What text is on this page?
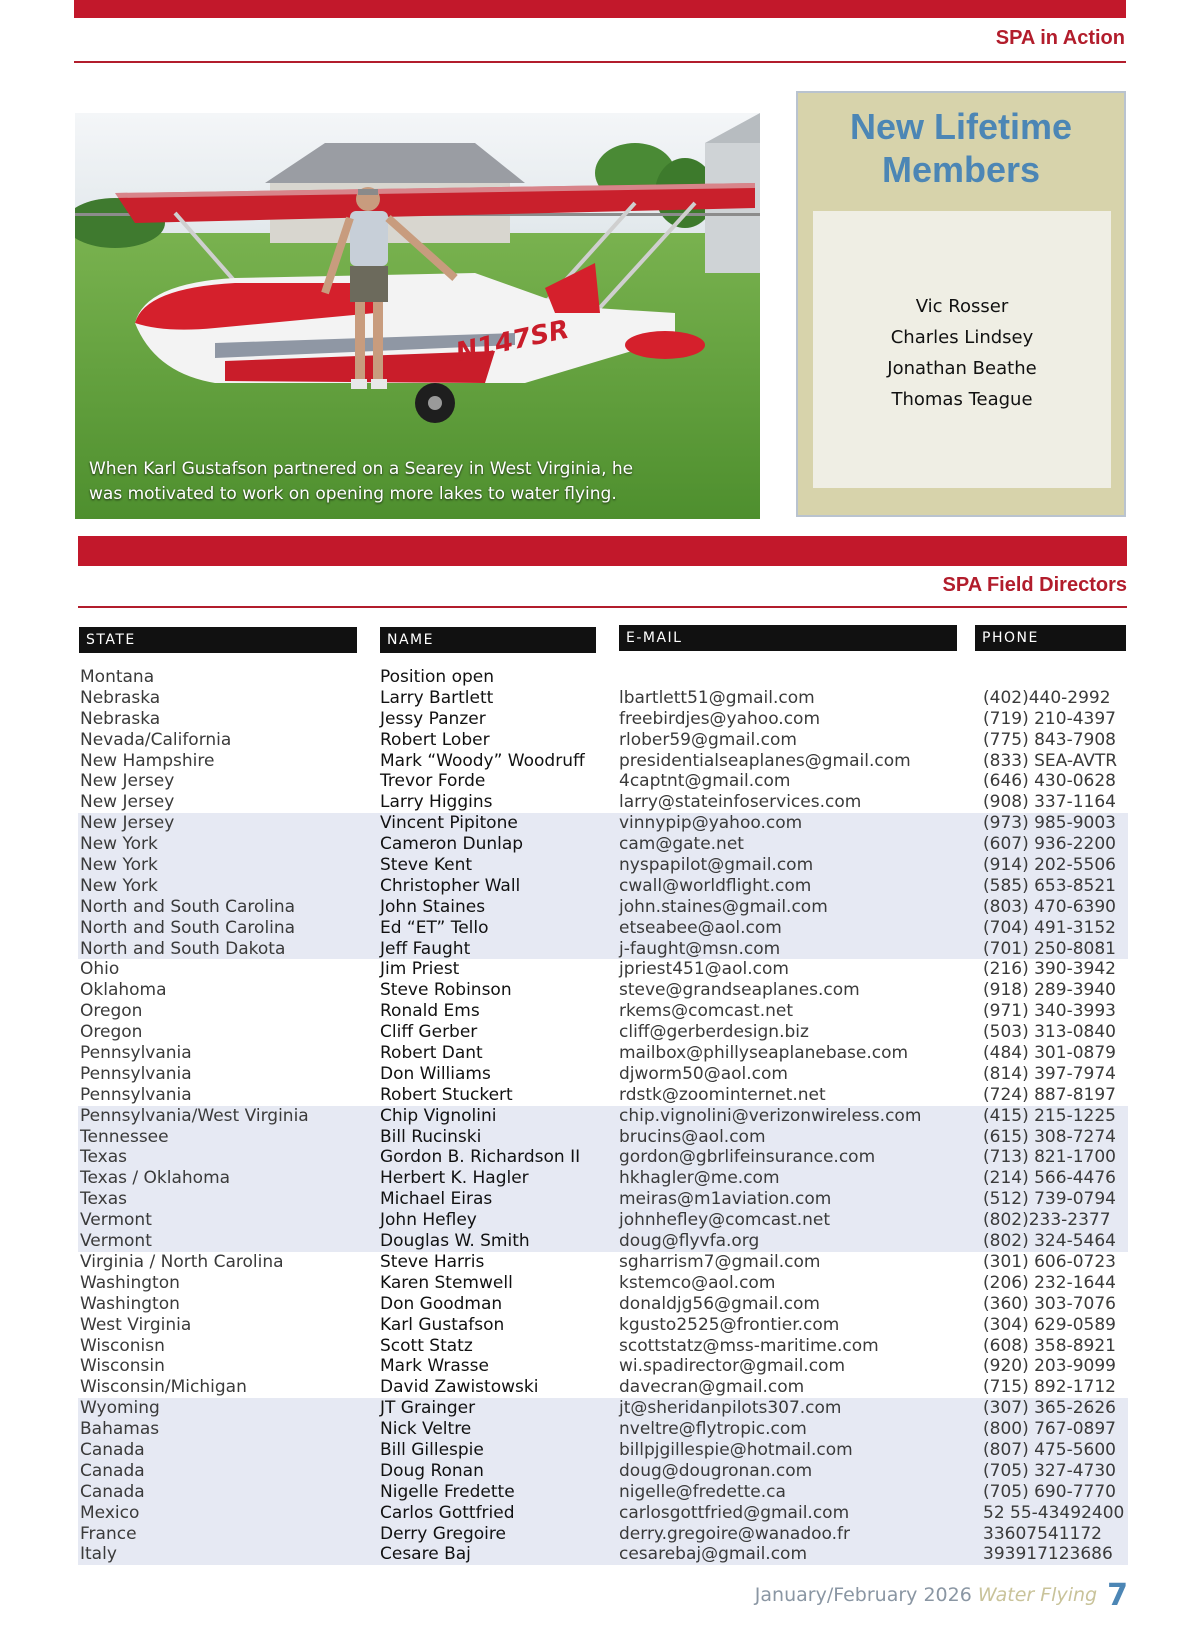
SPA in Action
N147SR
When Karl Gustafson partnered on a Searey in West Virginia, he was motivated to work on opening more lakes to water flying.
New Lifetime Members
Vic Rosser
Charles Lindsey
Jonathan Beathe
Thomas Teague
SPA Field Directors
STATE	NAME	E-MAIL	PHONE
Montana	Position open
Nebraska	Larry Bartlett	lbartlett51@gmail.com	(402)440-2992
Nebraska	Jessy Panzer	freebirdjes@yahoo.com	(719) 210-4397
Nevada/California	Robert Lober	rlober59@gmail.com	(775) 843-7908
New Hampshire	Mark “Woody” Woodruff presidentialseaplanes@gmail.com	(833) SEA-AVTR
New Jersey	Trevor Forde	4captnt@gmail.com	(646) 430-0628
New Jersey	Larry Higgins	larry@stateinfoservices.com	(908) 337-1164
New Jersey	Vincent Pipitone	vinnypip@yahoo.com	(973) 985-9003
New York	Cameron Dunlap	cam@gate.net	(607) 936-2200
New York	Steve Kent	nyspapilot@gmail.com	(914) 202-5506
New York	Christopher Wall	cwall@worldflight.com	(585) 653-8521
North and South Carolina	John Staines	john.staines@gmail.com	(803) 470-6390
North and South Carolina	Ed “ET” Tello	etseabee@aol.com	(704) 491-3152
North and South Dakota	Jeff Faught	j-faught@msn.com	(701) 250-8081
Ohio	Jim Priest	jpriest451@aol.com	(216) 390-3942
Oklahoma	Steve Robinson	steve@grandseaplanes.com	(918) 289-3940
Oregon	Ronald Ems	rkems@comcast.net	(971) 340-3993
Oregon	Cliff Gerber	cliff@gerberdesign.biz	(503) 313-0840
Pennsylvania	Robert Dant	mailbox@phillyseaplanebase.com	(484) 301-0879
Pennsylvania	Don Williams	djworm50@aol.com	(814) 397-7974
Pennsylvania	Robert Stuckert	rdstk@zoominternet.net	(724) 887-8197
Pennsylvania/West Virginia	Chip Vignolini	chip.vignolini@verizonwireless.com	(415) 215-1225
Tennessee	Bill Rucinski	brucins@aol.com	(615) 308-7274
Texas	Gordon B. Richardson II gordon@gbrlifeinsurance.com	(713) 821-1700
Texas / Oklahoma	Herbert K. Hagler	hkhagler@me.com	(214) 566-4476
Texas	Michael Eiras	meiras@m1aviation.com	(512) 739-0794
Vermont	John Hefley	johnhefley@comcast.net	(802)233-2377
Vermont	Douglas W. Smith	doug@flyvfa.org	(802) 324-5464
Virginia / North Carolina	Steve Harris	sgharrism7@gmail.com	(301) 606-0723
Washington	Karen Stemwell	kstemco@aol.com	(206) 232-1644
Washington	Don Goodman	donaldjg56@gmail.com	(360) 303-7076
West Virginia	Karl Gustafson	kgusto2525@frontier.com	(304) 629-0589
Wisconisn	Scott Statz	scottstatz@mss-maritime.com	(608) 358-8921
Wisconsin	Mark Wrasse	wi.spadirector@gmail.com	(920) 203-9099
Wisconsin/Michigan	David Zawistowski	davecran@gmail.com	(715) 892-1712
Wyoming	JT Grainger	jt@sheridanpilots307.com	(307) 365-2626
Bahamas	Nick Veltre	nveltre@flytropic.com	(800) 767-0897
Canada	Bill Gillespie	billpjgillespie@hotmail.com	(807) 475-5600
Canada	Doug Ronan	doug@dougronan.com	(705) 327-4730
Canada	Nigelle Fredette	nigelle@fredette.ca	(705) 690-7770
Mexico	Carlos Gottfried	carlosgottfried@gmail.com	52 55-43492400
France	Derry Gregoire	derry.gregoire@wanadoo.fr	33607541172
Italy	Cesare Baj	cesarebaj@gmail.com	393917123686
January/February 2026 Water Flying 7
